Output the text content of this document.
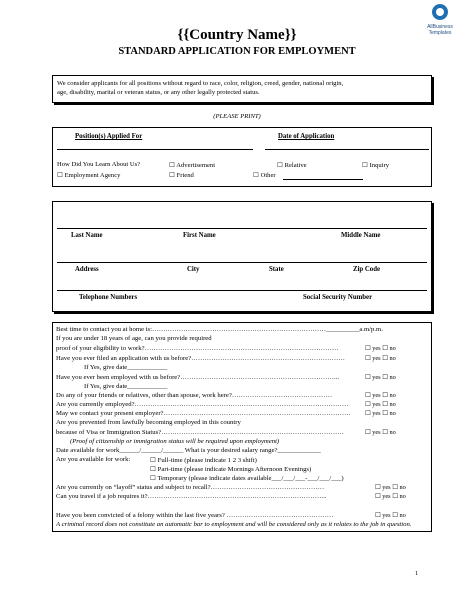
AllBusiness
Templates
{{Country Name}}
STANDARD APPLICATION FOR EMPLOYMENT
We consider applicants for all positions without regard to race, color, religion, creed, gender, national origin,
age, disability, marital or veteran status, or any other legally protected status.
(PLEASE PRINT)
Position(s) Applied For	Date of Application
How Did You Learn About Us?	☐ Advertisement	☐ Relative	☐ Inquiry
☐ Employment Agency	☐ Friend	☐ Other
Last Name	First Name	Middle Name
Address	City	State	Zip Code
Telephone Numbers	Social Security Number
Best time to contact you at home is:……………………………………………………………………__________a.m/p.m.
If you are under 18 years of age, can you provide required
proof of your eligibility to work?……………………………………………………………………………	☐ yes ☐ no
Have you ever filed an application with us before?……………………………………………………………	☐ yes ☐ no
If Yes, give date____________
Have you ever been employed with us before?……………………………………………………………...	☐ yes ☐ no
If Yes, give date____________
Do any of your friends or relatives, other than spouse, work here?………………………………………	☐ yes ☐ no
Are you currently employed?……………………………………………………………………………………	☐ yes ☐ no
May we contact your present employer?………………………………………………………………………… ☐ yes ☐ no
Are you prevented from lawfully becoming employed in this country
because of Visa or Immigration Status?……………………………………………………………………….	☐ yes ☐ no
(Proof of citizenship or immigration status will be required upon employment)
Date available for work______/______/______ What is your desired salary range?_____________
Are you available for work:	☐ Full-time (please indicate 1 2 3 shift)
☐ Part-time (please indicate Mornings Afternoon Evenings)
☐ Temporary (please indicate dates available___/___/___-___/___/___)
Are you currently on “layoff” status and subject to recall?……………………………………………	☐ yes ☐ no
Can you travel if a job requires it?……………………………………………………………………...	☐ yes ☐ no
Have you been convicted of a felony within the last five years? …………………………………………	☐ yes ☐ no
A criminal record does not constitute an automatic bar to employment and will be considered only as it relates to the job in question.
1
